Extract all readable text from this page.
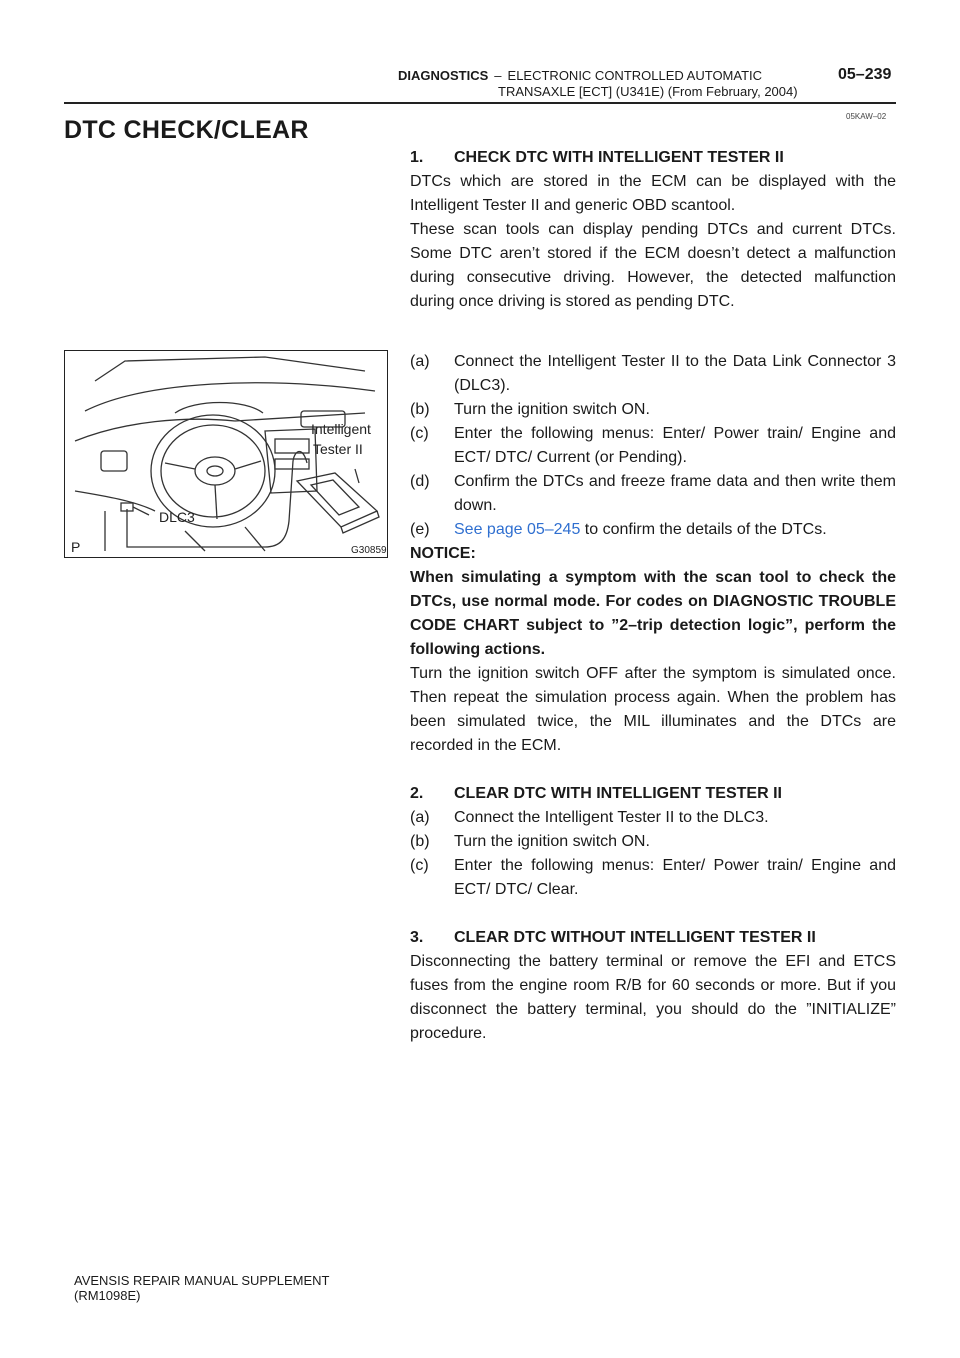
DIAGNOSTICS – ELECTRONIC CONTROLLED AUTOMATIC
TRANSAXLE [ECT] (U341E) (From February, 2004)
05–239
05KAW–02
DTC CHECK/CLEAR
Intelligent
Tester II
DLC3
P	G30859

1. CHECK DTC WITH INTELLIGENT TESTER II

DTCs which are stored in the ECM can be displayed with the Intelligent Tester II and generic OBD scantool.

These scan tools can display pending DTCs and current DTCs. Some DTC aren’t stored if the ECM doesn’t detect a malfunction during consecutive driving. However, the detected malfunction during once driving is stored as pending DTC.

(a)	Connect the Intelligent Tester II to the Data Link Connector 3 (DLC3).

(b)	Turn the ignition switch ON.

(c)	Enter the following menus: Enter/ Power train/ Engine and ECT/ DTC/ Current (or Pending).

(d)	Confirm the DTCs and freeze frame data and then write them down.

(e)	See page 05–245 to confirm the details of the DTCs.

NOTICE:

When simulating a symptom with the scan tool to check the DTCs, use normal mode. For codes on DIAGNOSTIC TROUBLE CODE CHART subject to ”2–trip detection logic”, perform the following actions.

Turn the ignition switch OFF after the symptom is simulated once. Then repeat the simulation process again. When the problem has been simulated twice, the MIL illuminates and the DTCs are recorded in the ECM.

2. CLEAR DTC WITH INTELLIGENT TESTER II

(a)	Connect the Intelligent Tester II to the DLC3.

(b)	Turn the ignition switch ON.

(c)	Enter the following menus: Enter/ Power train/ Engine and ECT/ DTC/ Clear.

3. CLEAR DTC WITHOUT INTELLIGENT TESTER II

Disconnecting the battery terminal or remove the EFI and ETCS fuses from the engine room R/B for 60 seconds or more. But if you disconnect the battery terminal, you should do the ”INITIALIZE” procedure.

AVENSIS REPAIR MANUAL SUPPLEMENT
(RM1098E)
